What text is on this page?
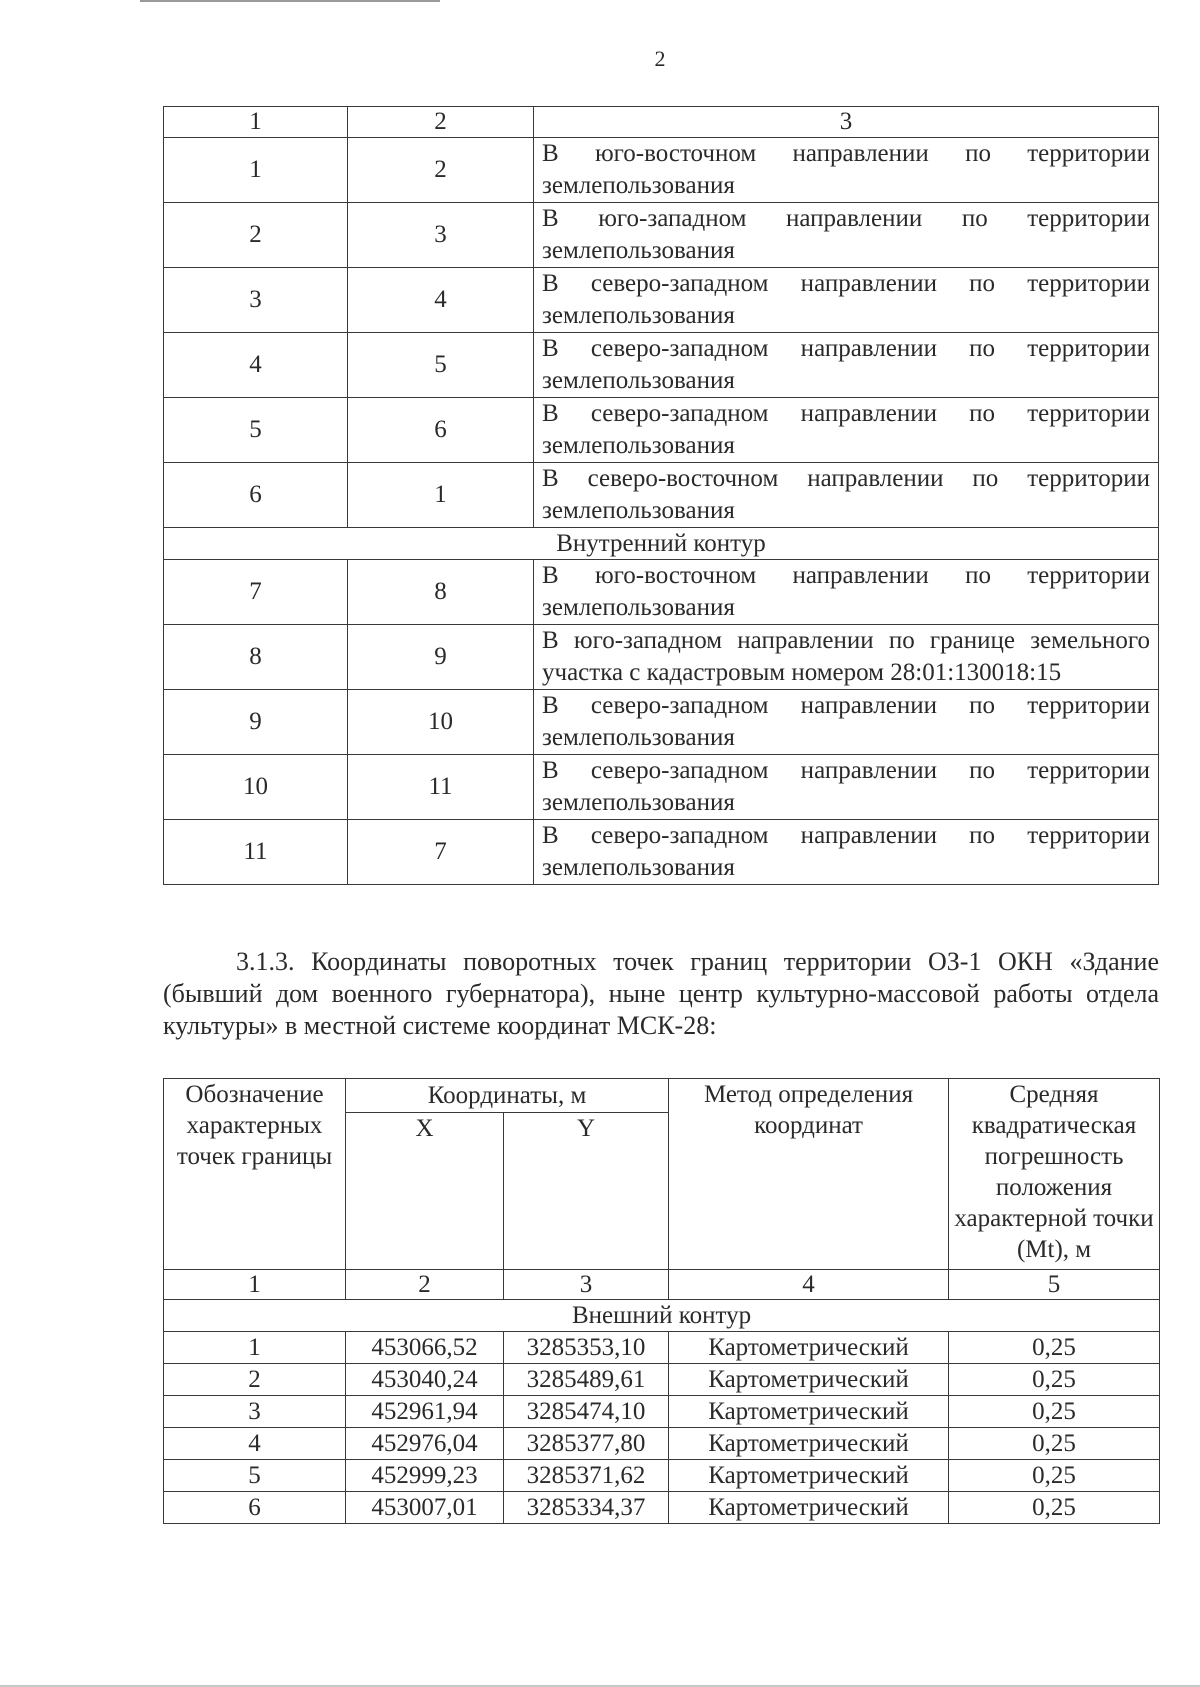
2
1	2	3
1	2	В юго-восточном направлении по территории землепользования
2	3	В юго-западном направлении по территории землепользования
3	4	В северо-западном направлении по территории землепользования
4	5	В северо-западном направлении по территории землепользования
5	6	В северо-западном направлении по территории землепользования
6	1	В северо-восточном направлении по территории землепользования
Внутренний контур		
7	8	В юго-восточном направлении по территории землепользования
8	9	В юго-западном направлении по границе земельного участка с кадастровым номером 28:01:130018:15
9	10	В северо-западном направлении по территории землепользования
10	11	В северо-западном направлении по территории землепользования
11	7	В северо-западном направлении по территории землепользования
3.1.3. Координаты поворотных точек границ территории ОЗ-1 ОКН «Здание (бывший дом военного губернатора), ныне центр культурно-массовой работы отдела культуры» в местной системе координат МСК-28:
Обозначение характерных точек границы	Координаты, м		Метод определения координат	Средняя квадратическая погрешность положения характерной точки (Mt), м
	X	Y		
1	2	3	4	5
Внешний контур				
1	453066,52	3285353,10	Картометрический	0,25
2	453040,24	3285489,61	Картометрический	0,25
3	452961,94	3285474,10	Картометрический	0,25
4	452976,04	3285377,80	Картометрический	0,25
5	452999,23	3285371,62	Картометрический	0,25
6	453007,01	3285334,37	Картометрический	0,25
